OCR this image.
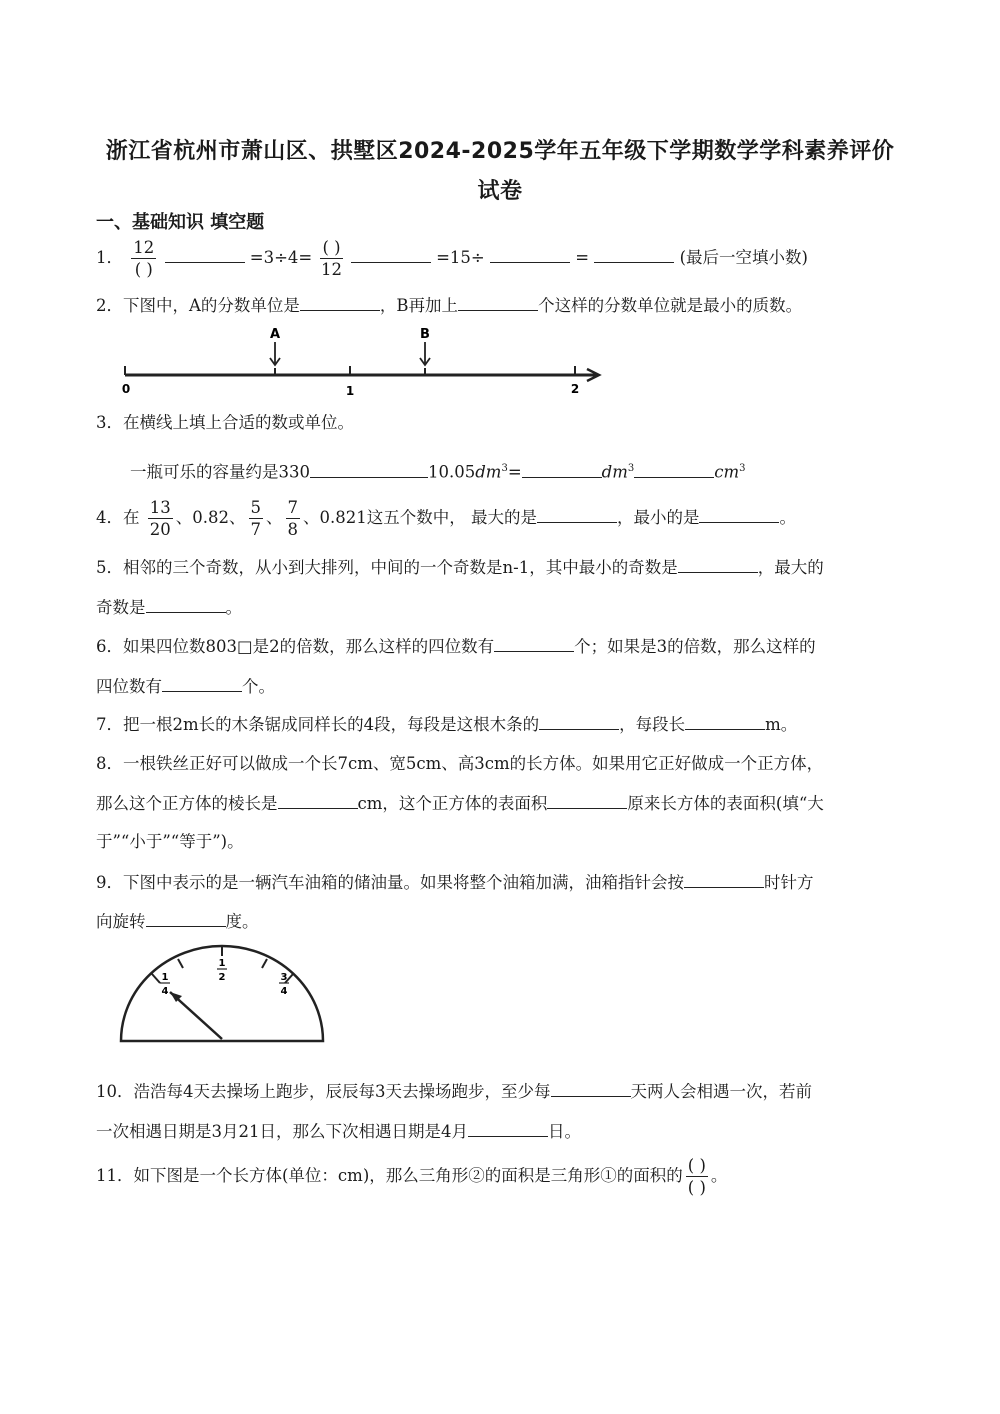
浙江省杭州市萧山区、拱墅区2024-2025学年五年级下学期数学学科素养评价
试卷
一、基础知识 填空题
1． $\frac{12}{( )}$	$=3\div 4= \frac{( )}{12}$	=15÷	=	(最后一空填小数)
2．下图中，A的分数单位是	，B再加上	个这样的分数单位就是最小的质数。
A	B
0	1	2
3．在横线上填上合适的数或单位。
一瓶可乐的容量约是330	$10.05dm^3=$	$dm^3$	$cm^3$
4．在 $\frac{13}{20}$ 、0.82、 $\frac{5}{7}$ 、 $\frac{7}{8}$ 、0.821这五个数中， 最大的是	，最小的是	。
5．相邻的三个奇数，从小到大排列，中间的一个奇数是n-1，其中最小的奇数是	，最大的
奇数是	。
6．如果四位数803□是2的倍数，那么这样的四位数有	个；如果是3的倍数，那么这样的
四位数有	个。
7．把一根2m长的木条锯成同样长的4段，每段是这根木条的	，每段长	m。
8．一根铁丝正好可以做成一个长7cm、宽5cm、高3cm的长方体。如果用它正好做成一个正方体，
那么这个正方体的棱长是	cm，这个正方体的表面积	原来长方体的表面积(填“大
于”“小于”“等于”)。
9．下图中表示的是一辆汽车油箱的储油量。如果将整个油箱加满，油箱指针会按	时针方
向旋转	度。
1
4
1
2	3
4
10．浩浩每4天去操场上跑步，辰辰每3天去操场跑步，至少每	天两人会相遇一次，若前
一次相遇日期是3月21日，那么下次相遇日期是4月	日。
11．如下图是一个长方体(单位：cm)，那么三角形②的面积是三角形①的面积的 $\frac{( )}{( )}$ 。
